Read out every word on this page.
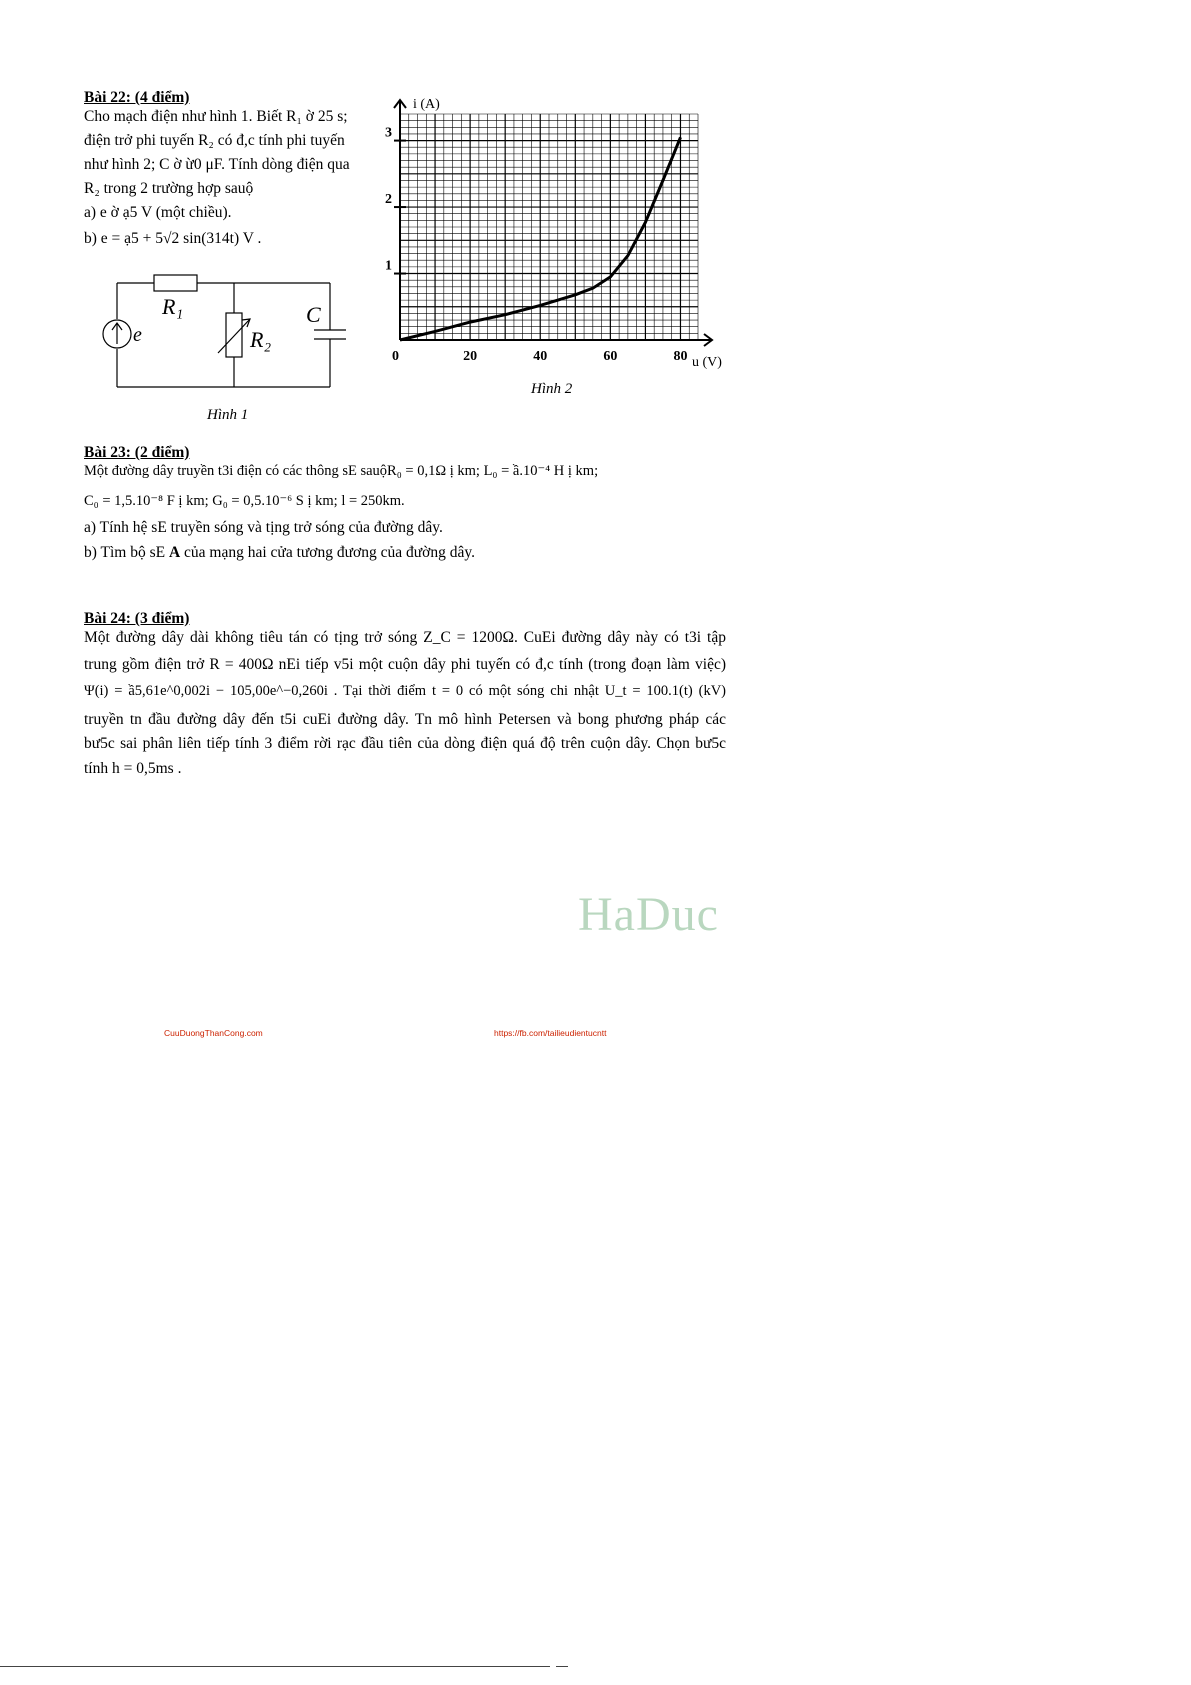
Bài 22: (4 điểm)
Cho mạch điện như hình 1. Biết R₁ ờ 25 s;
điện trở phi tuyến R₂ có đ,c tính phi tuyến
như hình 2; C ờ ừ0 μF. Tính dòng điện qua
R₂ trong 2 trường hợp sauộ
a) e ờ ạ5 V (một chiều).
b) e = ạ5 + 5√2 sin(314t) V .
R₁
R₂
C
e
Hình 1
0	20	40	60	80
1
2
3
i (A)
u (V)
Hình 2
Bài 23: (2 điểm)
Một đường dây truyền t3i điện có các thông sE sauộR₀ = 0,1Ω ị km; L₀ = ầ.10⁻⁴ H ị km;
C₀ = 1,5.10⁻⁸ F ị km; G₀ = 0,5.10⁻⁶ S ị km; l = 250km.
a) Tính hệ sE truyền sóng và tịng trở sóng của đường dây.
b) Tìm bộ sE A của mạng hai cửa tương đương của đường dây.
Bài 24: (3 điểm)
Một đường dây dài không tiêu tán có tịng trở sóng Z_C = 1200Ω. CuEi đường dây này có t3i tập
trung gồm điện trở R = 400Ω nEi tiếp v5i một cuộn dây phi tuyến có đ,c tính (trong đoạn làm việc)
Ψ(i) = ầ5,61e^0,002i − 105,00e^−0,260i . Tại thời điểm t = 0 có một sóng chi nhật U_t = 100.1(t) (kV)
truyền tn đầu đường dây đến t5i cuEi đường dây. Tn mô hình Petersen và bong phương pháp các
bư5c sai phân liên tiếp tính 3 điểm rời rạc đầu tiên của dòng điện quá độ trên cuộn dây. Chọn bư5c
tính h = 0,5ms .
HaDuc
CuuDuongThanCong.com	https://fb.com/tailieudientucntt
